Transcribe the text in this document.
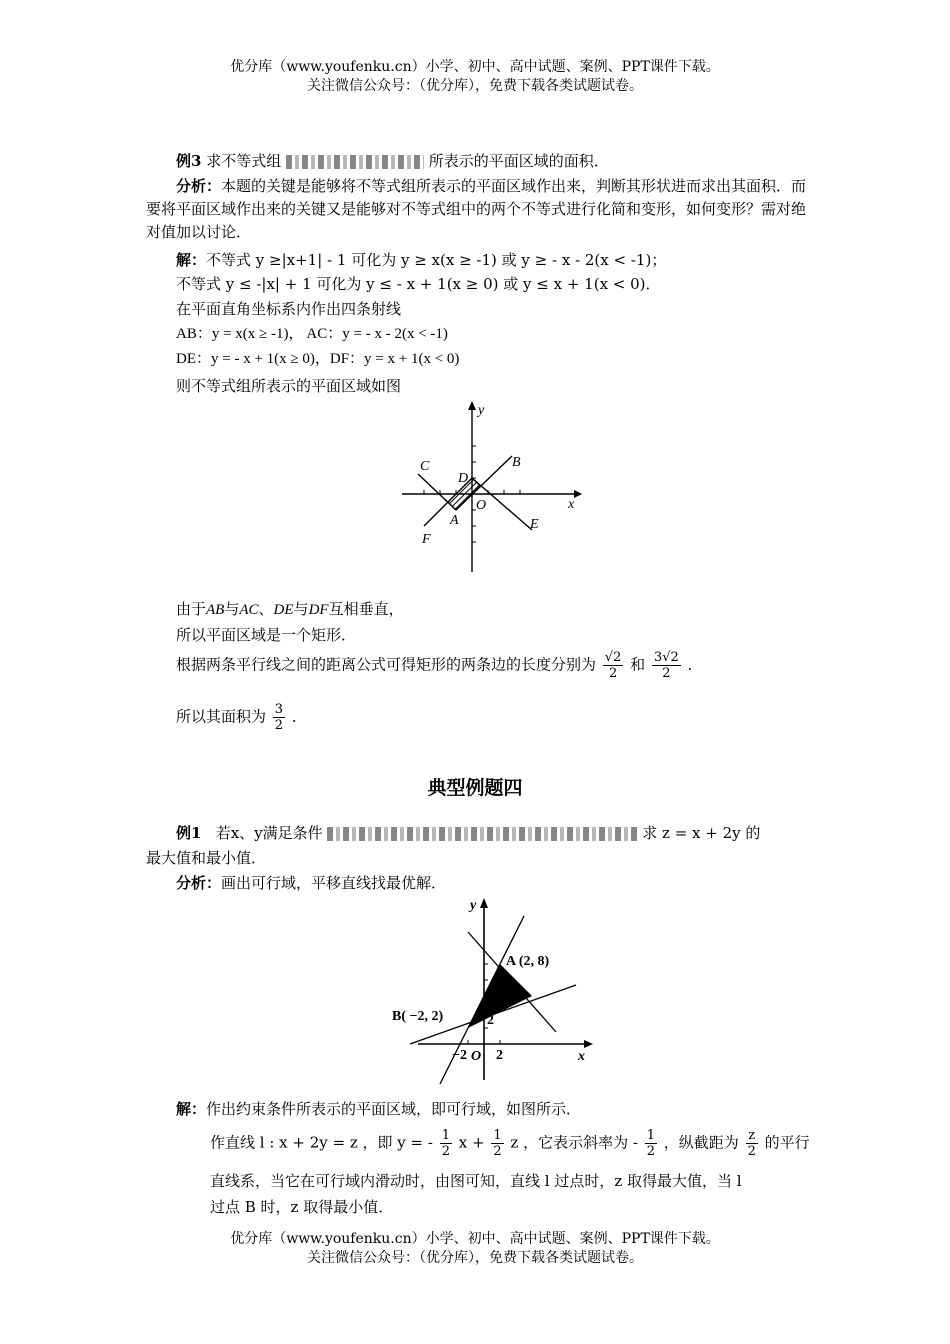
优分库（www.youfenku.cn）小学、初中、高中试题、案例、PPT课件下载。
关注微信公众号：（优分库），免费下载各类试题试卷。
例3 求不等式组	所表示的平面区域的面积．
分析：本题的关键是能够将不等式组所表示的平面区域作出来，判断其形状进而求出其面积．而要将平面区域作出来的关键又是能够对不等式组中的两个不等式进行化简和变形，如何变形？需对绝对值加以讨论．
解：不等式 y ≥|x+1| - 1 可化为 y ≥ x(x ≥ -1) 或 y ≥ - x - 2(x < -1)；
不等式 y ≤ -|x| + 1 可化为 y ≤ - x + 1(x ≥ 0) 或 y ≤ x + 1(x < 0)．
在平面直角坐标系内作出四条射线
AB：y = x(x ≥ -1)， AC：y = - x - 2(x < -1)
DE：y = - x + 1(x ≥ 0)，DF：y = x + 1(x < 0)
则不等式组所表示的平面区域如图
y
x
C	B
D
A
O
E
F
由于AB与AC、DE与DF互相垂直，
所以平面区域是一个矩形．
根据两条平行线之间的距离公式可得矩形的两条边的长度分别为 $\frac{√2}{2}$ 和 $\frac{3√2}{2}$ ．
所以其面积为 $\frac{3}{2}$ ．
典型例题四
例1 若x、y满足条件	求 z = x + 2y 的
最大值和最小值．
分析：画出可行域，平移直线找最优解．
y
x
A (2, 8)
B( −2, 2)
−2 O 2
2
解：作出约束条件所表示的平面区域，即可行域，如图所示．
作直线 l : x + 2y = z ，即 y = - $\frac{1}{2}$ $x + \frac{1}{2}$ z ，它表示斜率为 - $\frac{1}{2}$ ，纵截距为 $\frac{z}{2}$ 的平行
直线系，当它在可行域内滑动时，由图可知，直线 l 过点时，z 取得最大值，当 l
过点 B 时，z 取得最小值．
优分库（www.youfenku.cn）小学、初中、高中试题、案例、PPT课件下载。
关注微信公众号：（优分库），免费下载各类试题试卷。
